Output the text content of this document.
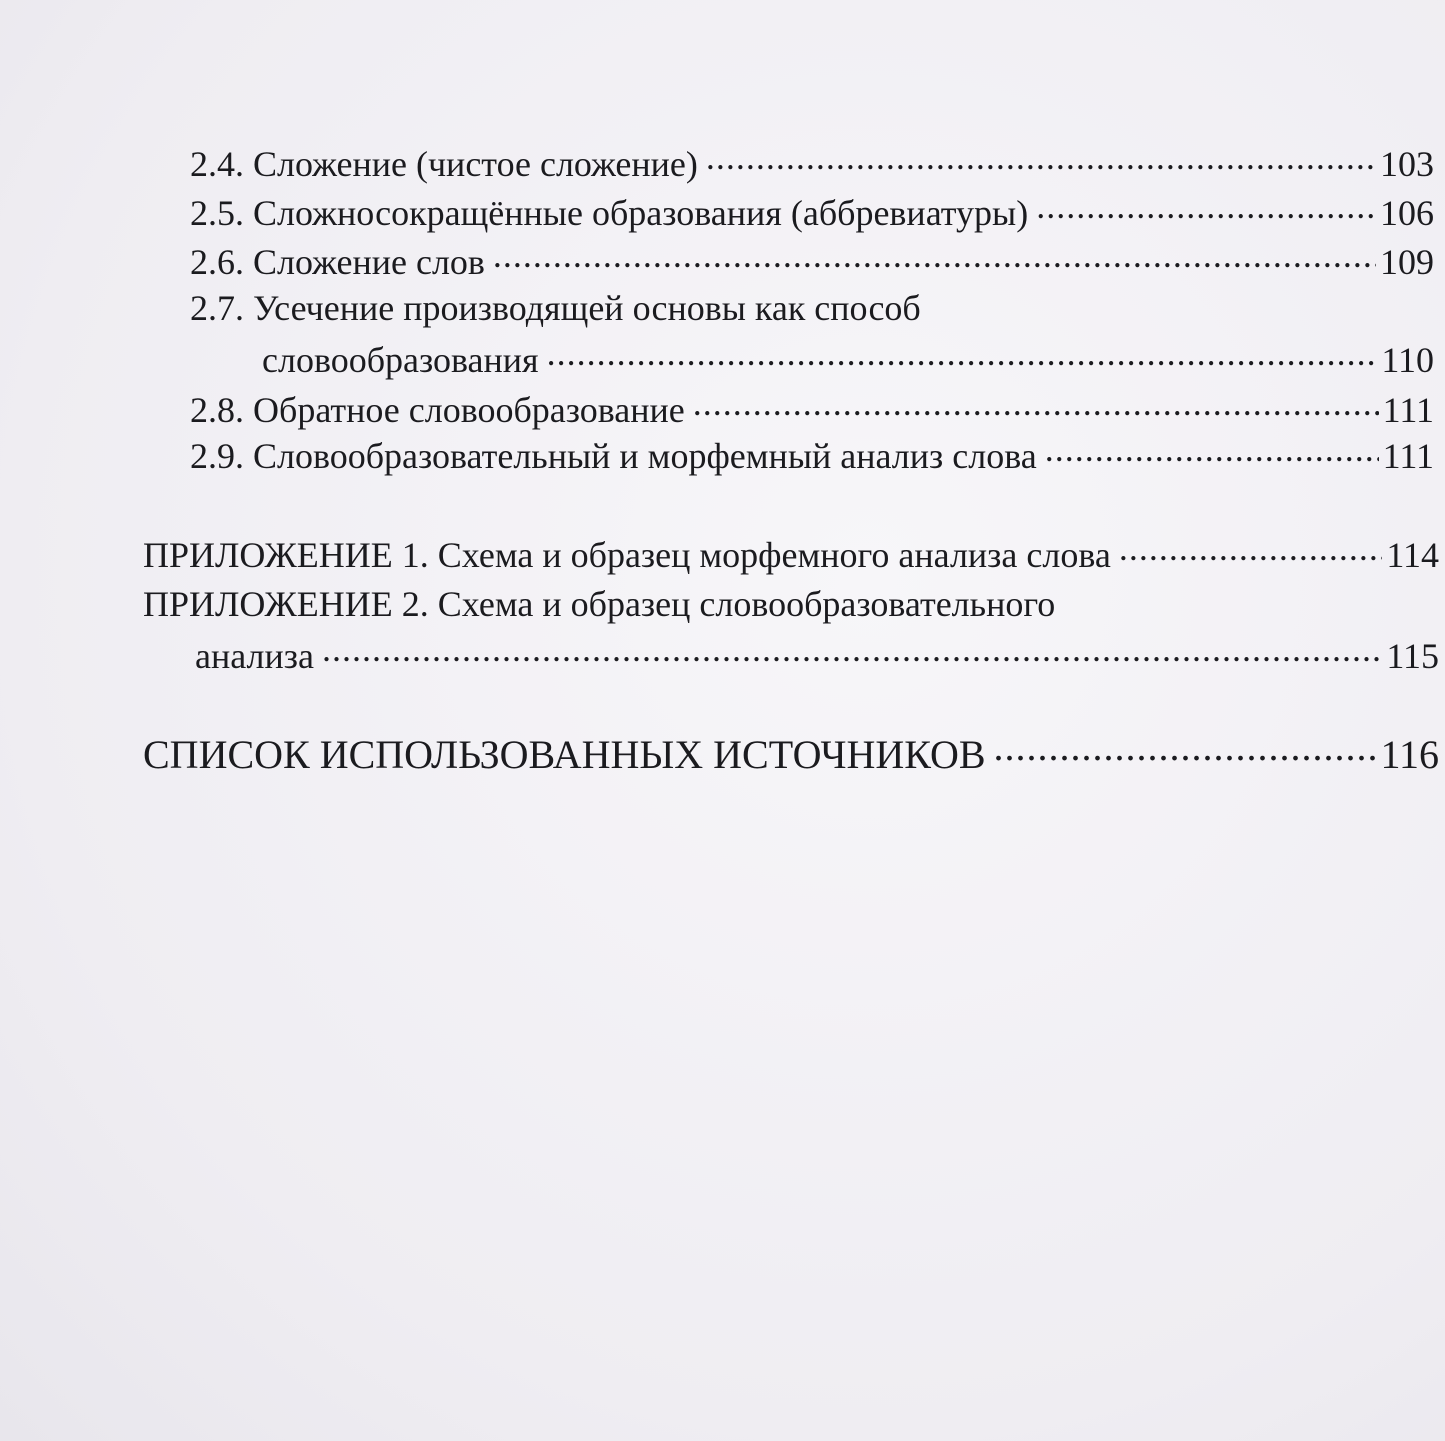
2.4. Сложение (чистое сложение) .....	103
2.5. Сложносокращённые образования (аббревиатуры) .....	106
2.6. Сложение слов .....	109
2.7. Усечение производящей основы как способ
словообразования .....	110
2.8. Обратное словообразование .....	111
2.9. Словообразовательный и морфемный анализ слова .....	111
ПРИЛОЖЕНИЕ 1. Схема и образец морфемного анализа слова .....	114
ПРИЛОЖЕНИЕ 2. Схема и образец словообразовательного
анализа .....	115
СПИСОК ИСПОЛЬЗОВАННЫХ ИСТОЧНИКОВ .....	116
